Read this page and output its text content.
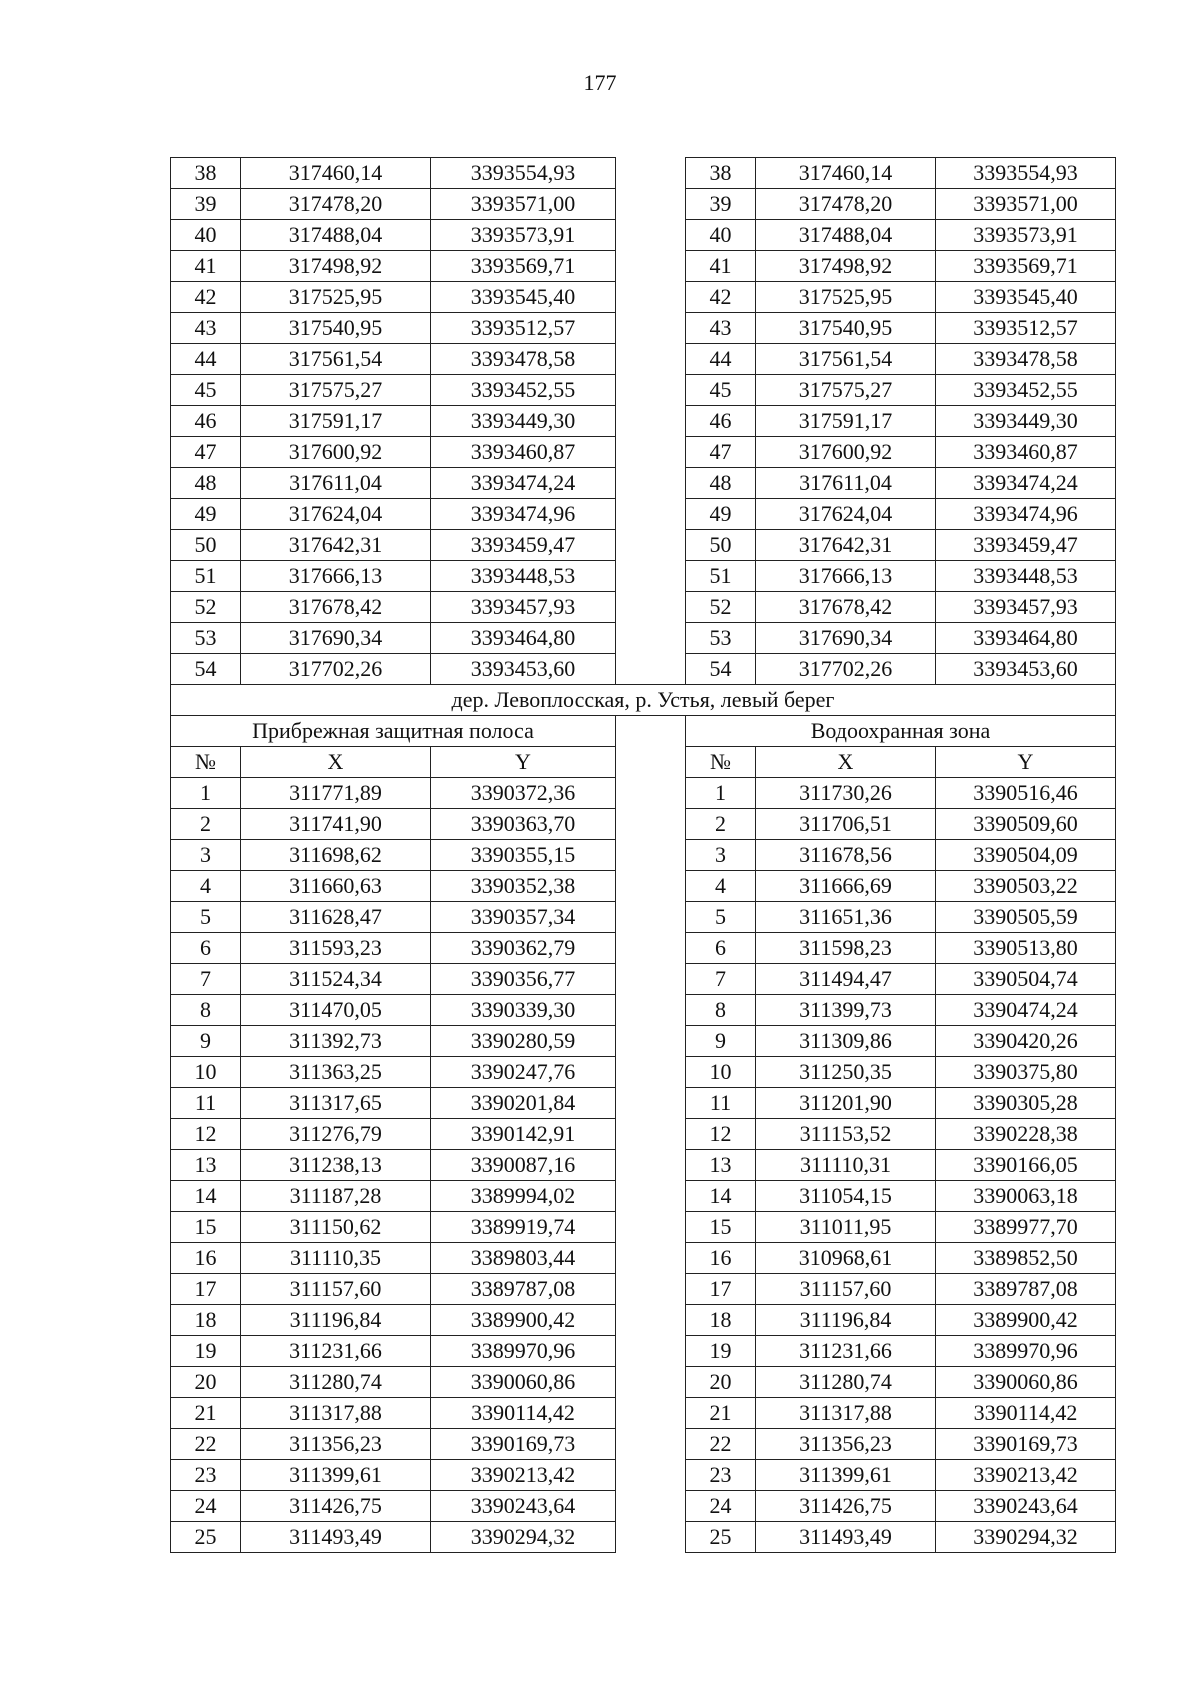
177
38	317460,14	3393554,93		38	317460,14	3393554,93
39	317478,20	3393571,00		39	317478,20	3393571,00
40	317488,04	3393573,91		40	317488,04	3393573,91
41	317498,92	3393569,71		41	317498,92	3393569,71
42	317525,95	3393545,40		42	317525,95	3393545,40
43	317540,95	3393512,57		43	317540,95	3393512,57
44	317561,54	3393478,58		44	317561,54	3393478,58
45	317575,27	3393452,55		45	317575,27	3393452,55
46	317591,17	3393449,30		46	317591,17	3393449,30
47	317600,92	3393460,87		47	317600,92	3393460,87
48	317611,04	3393474,24		48	317611,04	3393474,24
49	317624,04	3393474,96		49	317624,04	3393474,96
50	317642,31	3393459,47		50	317642,31	3393459,47
51	317666,13	3393448,53		51	317666,13	3393448,53
52	317678,42	3393457,93		52	317678,42	3393457,93
53	317690,34	3393464,80		53	317690,34	3393464,80
54	317702,26	3393453,60		54	317702,26	3393453,60
дер. Левоплосская, р. Устья, левый берег						
Прибрежная защитная полоса				Водоохранная зона		
№	X	Y		№	X	Y
1	311771,89	3390372,36		1	311730,26	3390516,46
2	311741,90	3390363,70		2	311706,51	3390509,60
3	311698,62	3390355,15		3	311678,56	3390504,09
4	311660,63	3390352,38		4	311666,69	3390503,22
5	311628,47	3390357,34		5	311651,36	3390505,59
6	311593,23	3390362,79		6	311598,23	3390513,80
7	311524,34	3390356,77		7	311494,47	3390504,74
8	311470,05	3390339,30		8	311399,73	3390474,24
9	311392,73	3390280,59		9	311309,86	3390420,26
10	311363,25	3390247,76		10	311250,35	3390375,80
11	311317,65	3390201,84		11	311201,90	3390305,28
12	311276,79	3390142,91		12	311153,52	3390228,38
13	311238,13	3390087,16		13	311110,31	3390166,05
14	311187,28	3389994,02		14	311054,15	3390063,18
15	311150,62	3389919,74		15	311011,95	3389977,70
16	311110,35	3389803,44		16	310968,61	3389852,50
17	311157,60	3389787,08		17	311157,60	3389787,08
18	311196,84	3389900,42		18	311196,84	3389900,42
19	311231,66	3389970,96		19	311231,66	3389970,96
20	311280,74	3390060,86		20	311280,74	3390060,86
21	311317,88	3390114,42		21	311317,88	3390114,42
22	311356,23	3390169,73		22	311356,23	3390169,73
23	311399,61	3390213,42		23	311399,61	3390213,42
24	311426,75	3390243,64		24	311426,75	3390243,64
25	311493,49	3390294,32		25	311493,49	3390294,32
